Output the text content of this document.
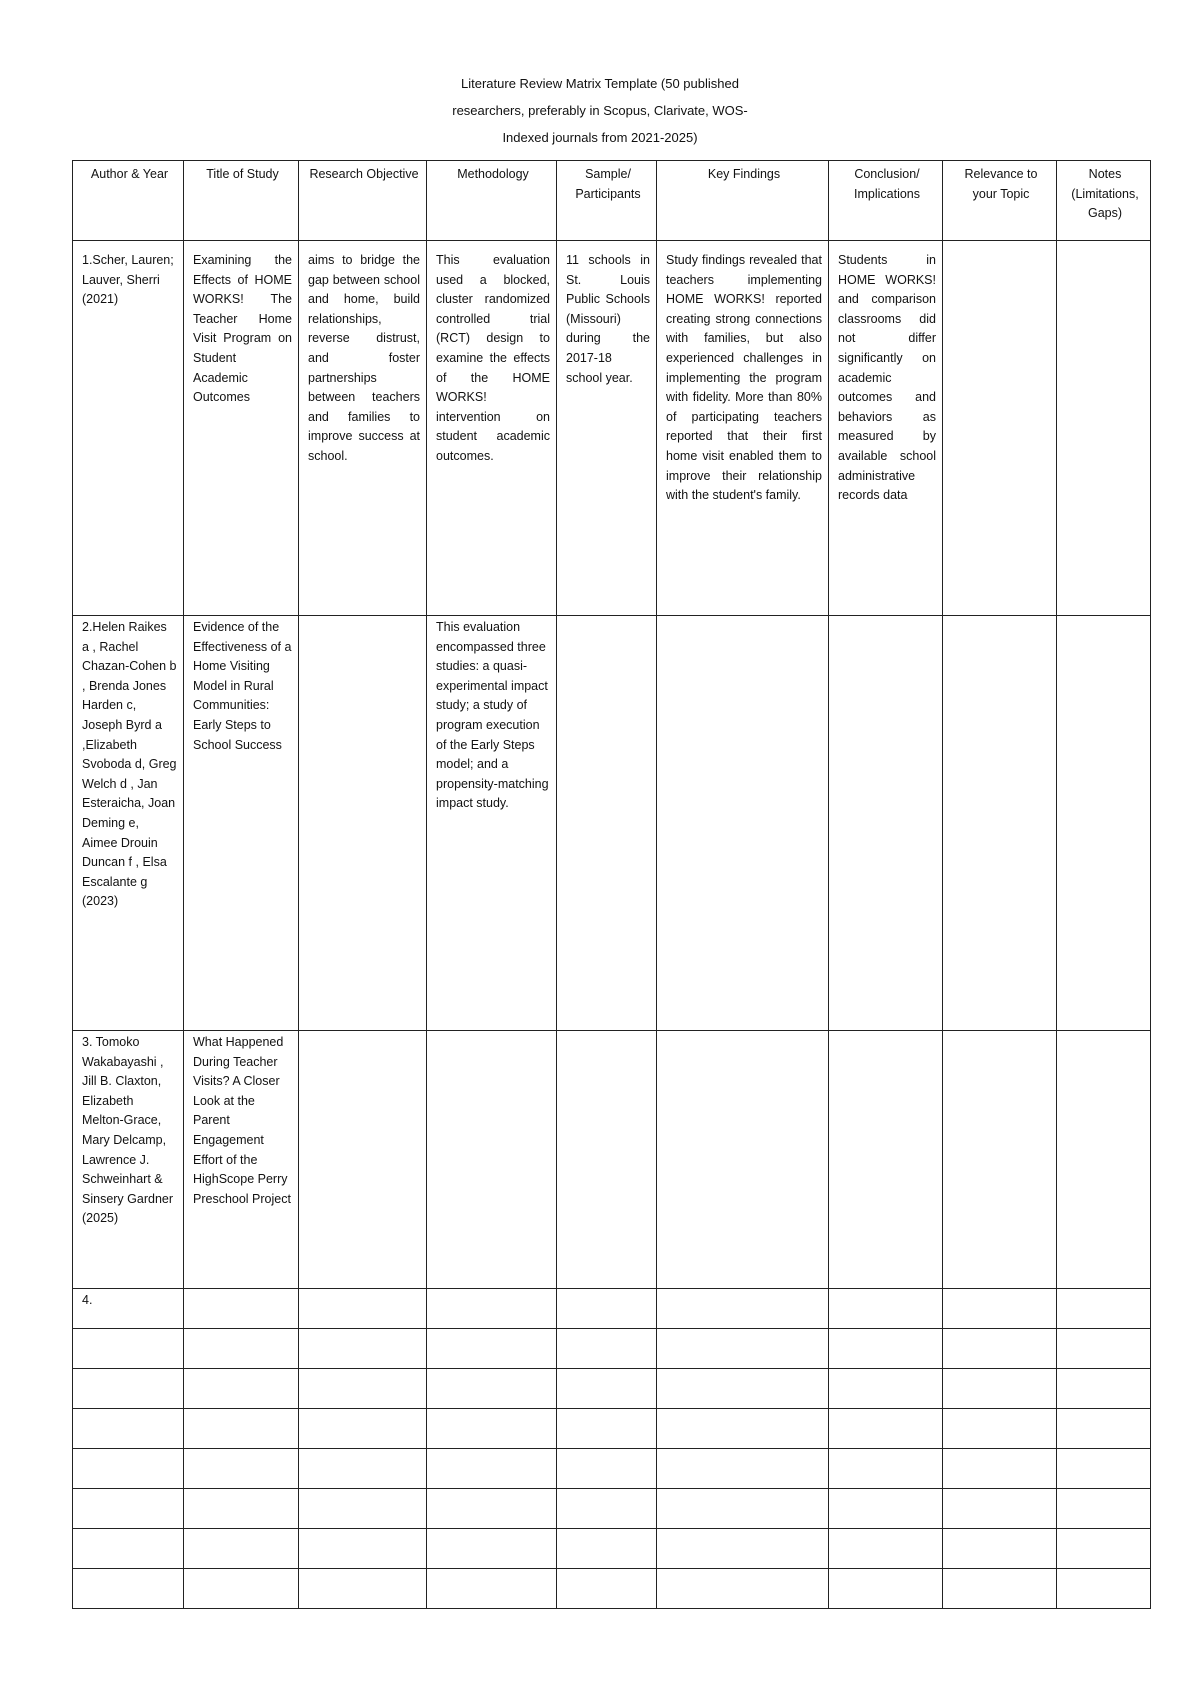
Literature Review Matrix Template (50 published
researchers, preferably in Scopus, Clarivate, WOS-
Indexed journals from 2021-2025)
Author & Year	Title of Study	Research Objective	Methodology	Sample/ Participants	Key Findings	Conclusion/ Implications	Relevance to your Topic	Notes (Limitations, Gaps)
1.Scher, Lauren; Lauver, Sherri (2021)	Examining the Effects of HOME WORKS! The Teacher Home Visit Program on Student Academic Outcomes	aims to bridge the gap between school and home, build relationships, reverse distrust, and foster partnerships between teachers and families to improve success at school.	This evaluation used a blocked, cluster randomized controlled trial (RCT) design to examine the effects of the HOME WORKS! intervention on student academic outcomes.	11 schools in St. Louis Public Schools (Missouri) during the 2017-18 school year.	Study findings revealed that teachers implementing HOME WORKS! reported creating strong connections with families, but also experienced challenges in implementing the program with fidelity. More than 80% of participating teachers reported that their first home visit enabled them to improve their relationship with the student's family.	Students in HOME WORKS! and comparison classrooms did not differ significantly on academic outcomes and behaviors as measured by available school administrative records data		
2.Helen Raikes a , Rachel Chazan-Cohen b , Brenda Jones Harden c, Joseph Byrd a ,Elizabeth Svoboda d, Greg Welch d , Jan Esteraicha, Joan Deming e, Aimee Drouin Duncan f , Elsa Escalante g (2023)	Evidence of the Effectiveness of a Home Visiting Model in Rural Communities: Early Steps to School Success		This evaluation encompassed three studies: a quasi-experimental impact study; a study of program execution of the Early Steps model; and a propensity-matching impact study.					
3. Tomoko Wakabayashi , Jill B. Claxton, Elizabeth Melton-Grace, Mary Delcamp, Lawrence J. Schweinhart & Sinsery Gardner (2025)	What Happened During Teacher Visits? A Closer Look at the Parent Engagement Effort of the HighScope Perry Preschool Project							
4.								
